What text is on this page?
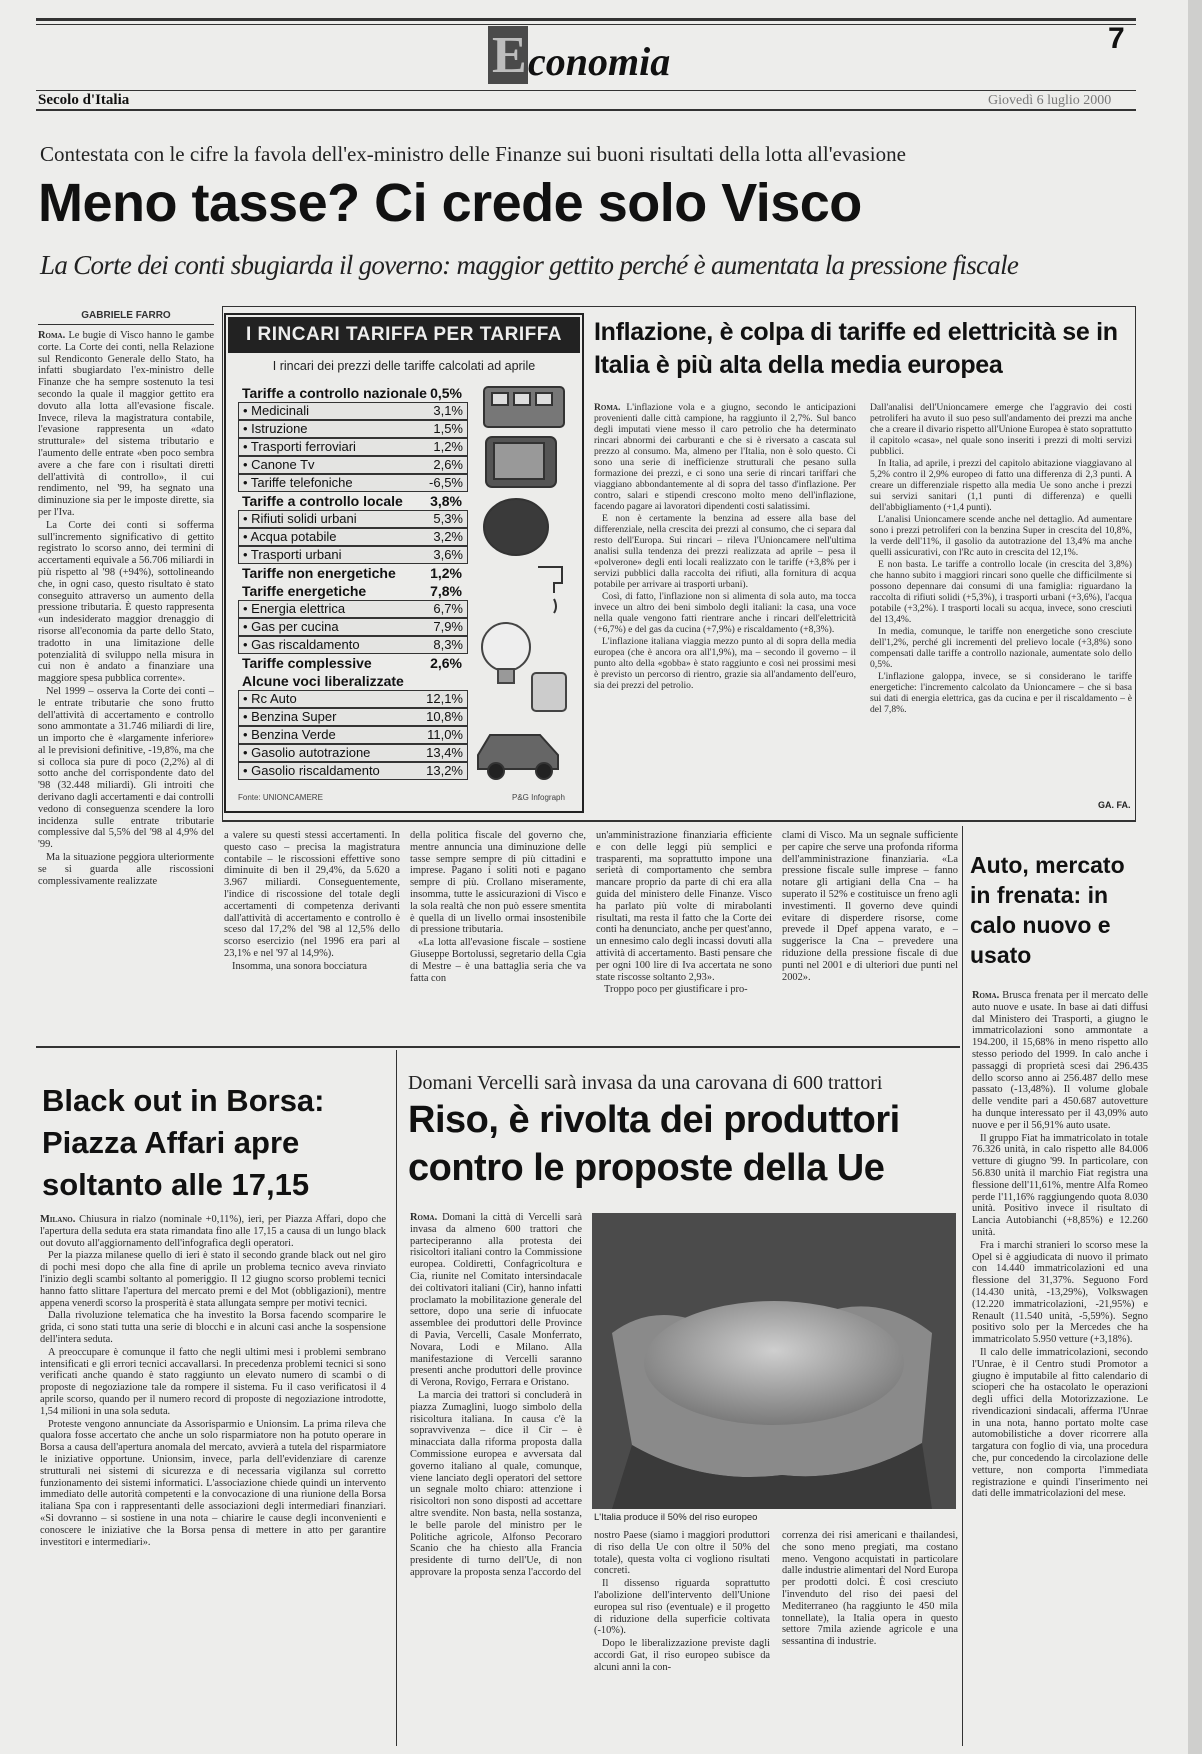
E conomia
7
Secolo d'Italia	Giovedì 6 luglio 2000
Contestata con le cifre la favola dell'ex-ministro delle Finanze sui buoni risultati della lotta all'evasione
Meno tasse? Ci crede solo Visco
La Corte dei conti sbugiarda il governo: maggior gettito perché è aumentata la pressione fiscale
GABRIELE FARRO

Roma. Le bugie di Visco hanno le gambe corte. La Corte dei conti, nella Relazione sul Rendiconto Generale dello Stato, ha infatti sbugiardato l'ex-ministro delle Finanze che ha sempre sostenuto la tesi secondo la quale il maggior gettito era dovuto alla lotta all'evasione fiscale. Invece, rileva la magistratura contabile, l'evasione rappresenta un «dato strutturale» del sistema tributario e l'aumento delle entrate «ben poco sembra avere a che fare con i risultati diretti dell'attività di controllo», il cui rendimento, nel '99, ha segnato una diminuzione sia per le imposte dirette, sia per l'Iva.

La Corte dei conti si sofferma sull'incremento significativo di gettito registrato lo scorso anno, dei termini di accertamenti equivale a 56.706 miliardi in più rispetto al '98 (+94%), sottolineando che, in ogni caso, questo risultato è stato conseguito attraverso un aumento della pressione tributaria. È questo rappresenta «un indesiderato maggior drenaggio di risorse all'economia da parte dello Stato, tradotto in una limitazione delle potenzialità di sviluppo nella misura in cui non è andato a finanziare una maggiore spesa pubblica corrente».

Nel 1999 – osserva la Corte dei conti – le entrate tributarie che sono frutto dell'attività di accertamento e controllo sono ammontate a 31.746 miliardi di lire, un importo che è «largamente inferiore» al le previsioni definitive, -19,8%, ma che si colloca sia pure di poco (2,2%) al di sotto anche del corrispondente dato del '98 (32.448 miliardi). Gli introiti che derivano dagli accertamenti e dai controlli vedono di conseguenza scendere la loro incidenza sulle entrate tributarie complessive dal 5,5% del '98 al 4,9% del '99.

Ma la situazione peggiora ulteriormente se si guarda alle riscossioni complessivamente realizzate

I RINCARI TARIFFA PER TARIFFA
I rincari dei prezzi delle tariffe calcolati ad aprile
Tariffe a controllo nazionale 0,5%
• Medicinali	3,1%
• Istruzione	1,5%
• Trasporti ferroviari	1,2%
• Canone Tv	2,6%
• Tariffe telefoniche	-6,5%
Tariffe a controllo locale 3,8%
• Rifiuti solidi urbani	5,3%
• Acqua potabile	3,2%
• Trasporti urbani	3,6%
Tariffe non energetiche 1,2%
Tariffe energetiche	7,8%
• Energia elettrica	6,7%
• Gas per cucina	7,9%
• Gas riscaldamento	8,3%
Tariffe complessive	2,6%
Alcune voci liberalizzate
• Rc Auto	12,1%
• Benzina Super	10,8%
• Benzina Verde	11,0%
• Gasolio autotrazione	13,4%
• Gasolio riscaldamento	13,2%
Fonte: UNIONCAMERE	P&G Infograph
Inflazione, è colpa di tariffe ed elettricità se in Italia è più alta della media europea

Roma. L'inflazione vola e a giugno, secondo le anticipazioni provenienti dalle città campione, ha raggiunto il 2,7%. Sul banco degli imputati viene messo il caro petrolio che ha determinato rincari abnormi dei carburanti e che si è riversato a cascata sul prezzo al consumo. Ma, almeno per l'Italia, non è solo questo. Ci sono una serie di inefficienze strutturali che pesano sulla formazione dei prezzi, e ci sono una serie di rincari tariffari che viaggiano abbondantemente al di sopra del tasso d'inflazione. Per contro, salari e stipendi crescono molto meno dell'inflazione, facendo pagare ai lavoratori dipendenti costi salatissimi.

E non è certamente la benzina ad essere alla base del differenziale, nella crescita dei prezzi al consumo, che ci separa dal resto dell'Europa. Sui rincari – rileva l'Unioncamere nell'ultima analisi sulla tendenza dei prezzi realizzata ad aprile – pesa il «polverone» degli enti locali realizzato con le tariffe (+3,8% per i servizi pubblici dalla raccolta dei rifiuti, alla fornitura di acqua potabile per arrivare ai trasporti urbani).

Così, di fatto, l'inflazione non si alimenta di sola auto, ma tocca invece un altro dei beni simbolo degli italiani: la casa, una voce nella quale vengono fatti rientrare anche i rincari dell'elettricità (+6,7%) e del gas da cucina (+7,9%) e riscaldamento (+8,3%).

L'inflazione italiana viaggia mezzo punto al di sopra della media europea (che è ancora ora all'1,9%), ma – secondo il governo – il punto alto della «gobba» è stato raggiunto e così nei prossimi mesi è previsto un percorso di rientro, grazie sia all'andamento dell'euro, sia dei prezzi del petrolio.

Dall'analisi dell'Unioncamere emerge che l'aggravio dei costi petroliferi ha avuto il suo peso sull'andamento dei prezzi ma anche che a creare il divario rispetto all'Unione Europea è stato soprattutto il capitolo «casa», nel quale sono inseriti i prezzi di molti servizi pubblici.

In Italia, ad aprile, i prezzi del capitolo abitazione viaggiavano al 5,2% contro il 2,9% europeo di fatto una differenza di 2,3 punti. A creare un differenziale rispetto alla media Ue sono anche i prezzi sui servizi sanitari (1,1 punti di differenza) e quelli dell'abbigliamento (+1,4 punti).

L'analisi Unioncamere scende anche nel dettaglio. Ad aumentare sono i prezzi petroliferi con la benzina Super in crescita del 10,8%, la verde dell'11%, il gasolio da autotrazione del 13,4% ma anche quelli assicurativi, con l'Rc auto in crescita del 12,1%.

E non basta. Le tariffe a controllo locale (in crescita del 3,8%) che hanno subito i maggiori rincari sono quelle che difficilmente si possono depennare dai consumi di una famiglia: riguardano la raccolta di rifiuti solidi (+5,3%), i trasporti urbani (+3,6%), l'acqua potabile (+3,2%). I trasporti locali su acqua, invece, sono cresciuti del 13,4%.

In media, comunque, le tariffe non energetiche sono cresciute dell'1,2%, perché gli incrementi del prelievo locale (+3,8%) sono compensati dalle tariffe a controllo nazionale, aumentate solo dello 0,5%.

L'inflazione galoppa, invece, se si considerano le tariffe energetiche: l'incremento calcolato da Unioncamere – che si basa sui dati di energia elettrica, gas da cucina e per il riscaldamento – è del 7,8%.

GA. FA.

a valere su questi stessi accertamenti. In questo caso – precisa la magistratura contabile – le riscossioni effettive sono diminuite di ben il 29,4%, da 5.620 a 3.967 miliardi. Conseguentemente, l'indice di riscossione del totale degli accertamenti di competenza derivanti dall'attività di accertamento e controllo è sceso dal 17,2% del '98 al 12,5% dello scorso esercizio (nel 1996 era pari al 23,1% e nel '97 al 14,9%).

Insomma, una sonora bocciatura

della politica fiscale del governo che, mentre annuncia una diminuzione delle tasse sempre sempre di più cittadini e imprese. Pagano i soliti noti e pagano sempre di più. Crollano miseramente, insomma, tutte le assicurazioni di Visco e la sola realtà che non può essere smentita è quella di un livello ormai insostenibile di pressione tributaria.

«La lotta all'evasione fiscale – sostiene Giuseppe Bortolussi, segretario della Cgia di Mestre – è una battaglia seria che va fatta con

un'amministrazione finanziaria efficiente e con delle leggi più semplici e trasparenti, ma soprattutto impone una serietà di comportamento che sembra mancare proprio da parte di chi era alla guida del ministero delle Finanze. Visco ha parlato più volte di mirabolanti risultati, ma resta il fatto che la Corte dei conti ha denunciato, anche per quest'anno, un ennesimo calo degli incassi dovuti alla attività di accertamento. Basti pensare che per ogni 100 lire di Iva accertata ne sono state riscosse soltanto 2,93».

Troppo poco per giustificare i pro-

clami di Visco. Ma un segnale sufficiente per capire che serve una profonda riforma dell'amministrazione finanziaria. «La pressione fiscale sulle imprese – fanno notare gli artigiani della Cna – ha superato il 52% e costituisce un freno agli investimenti. Il governo deve quindi evitare di disperdere risorse, come prevede il Dpef appena varato, e – suggerisce la Cna – prevedere una riduzione della pressione fiscale di due punti nel 2001 e di ulteriori due punti nel 2002».

Auto, mercato in frenata: in calo nuovo e usato

Roma. Brusca frenata per il mercato delle auto nuove e usate. In base ai dati diffusi dal Ministero dei Trasporti, a giugno le immatricolazioni sono ammontate a 194.200, il 15,68% in meno rispetto allo stesso periodo del 1999. In calo anche i passaggi di proprietà scesi dai 296.435 dello scorso anno ai 256.487 dello mese passato (-13,48%). Il volume globale delle vendite pari a 450.687 autovetture ha dunque interessato per il 43,09% auto nuove e per il 56,91% auto usate.

Il gruppo Fiat ha immatricolato in totale 76.326 unità, in calo rispetto alle 84.006 vetture di giugno '99. In particolare, con 56.830 unità il marchio Fiat registra una flessione dell'11,61%, mentre Alfa Romeo perde l'11,16% raggiungendo quota 8.030 unità. Positivo invece il risultato di Lancia Autobianchi (+8,85%) e 12.260 unità.

Fra i marchi stranieri lo scorso mese la Opel si è aggiudicata di nuovo il primato con 14.440 immatricolazioni ed una flessione del 31,37%. Seguono Ford (14.430 unità, -13,29%), Volkswagen (12.220 immatricolazioni, -21,95%) e Renault (11.540 unità, -5,59%). Segno positivo solo per la Mercedes che ha immatricolato 5.950 vetture (+3,18%).

Il calo delle immatricolazioni, secondo l'Unrae, è il Centro studi Promotor a giugno è imputabile al fitto calendario di scioperi che ha ostacolato le operazioni degli uffici della Motorizzazione. Le rivendicazioni sindacali, afferma l'Unrae in una nota, hanno portato molte case automobilistiche a dover ricorrere alla targatura con foglio di via, una procedura che, pur concedendo la circolazione delle vetture, non comporta l'immediata registrazione e quindi l'inserimento nei dati delle immatricolazioni del mese.

Black out in Borsa: Piazza Affari apre soltanto alle 17,15

Milano. Chiusura in rialzo (nominale +0,11%), ieri, per Piazza Affari, dopo che l'apertura della seduta era stata rimandata fino alle 17,15 a causa di un lungo black out dovuto all'aggiornamento dell'infografica degli operatori.

Per la piazza milanese quello di ieri è stato il secondo grande black out nel giro di pochi mesi dopo che alla fine di aprile un problema tecnico aveva rinviato l'inizio degli scambi soltanto al pomeriggio. Il 12 giugno scorso problemi tecnici hanno fatto slittare l'apertura del mercato premi e del Mot (obbligazioni), mentre appena venerdì scorso la prosperità è stata allungata sempre per motivi tecnici.

Dalla rivoluzione telematica che ha investito la Borsa facendo scomparire le grida, ci sono stati tutta una serie di blocchi e in alcuni casi anche la sospensione dell'intera seduta.

A preoccupare è comunque il fatto che negli ultimi mesi i problemi sembrano intensificati e gli errori tecnici accavallarsi. In precedenza problemi tecnici si sono verificati anche quando è stato raggiunto un elevato numero di scambi o di proposte di negoziazione tale da rompere il sistema. Fu il caso verificatosi il 4 aprile scorso, quando per il numero record di proposte di negoziazione introdotte, 1,54 milioni in una sola seduta.

Proteste vengono annunciate da Assorisparmio e Unionsim. La prima rileva che qualora fosse accertato che anche un solo risparmiatore non ha potuto operare in Borsa a causa dell'apertura anomala del mercato, avvierà a tutela del risparmiatore le iniziative opportune. Unionsim, invece, parla dell'evidenziare di carenze strutturali nei sistemi di sicurezza e di necessaria vigilanza sul corretto funzionamento dei sistemi informatici. L'associazione chiede quindi un intervento immediato delle autorità competenti e la convocazione di una riunione della Borsa italiana Spa con i rappresentanti delle associazioni degli intermediari finanziari. «Si dovranno – si sostiene in una nota – chiarire le cause degli inconvenienti e conoscere le iniziative che la Borsa pensa di mettere in atto per garantire investitori e intermediari».

Domani Vercelli sarà invasa da una carovana di 600 trattori
Riso, è rivolta dei produttori contro le proposte della Ue

Roma. Domani la città di Vercelli sarà invasa da almeno 600 trattori che parteciperanno alla protesta dei risicoltori italiani contro la Commissione europea. Coldiretti, Confagricoltura e Cia, riunite nel Comitato intersindacale dei coltivatori italiani (Cir), hanno infatti proclamato la mobilitazione generale del settore, dopo una serie di infuocate assemblee dei produttori delle Province di Pavia, Vercelli, Casale Monferrato, Novara, Lodi e Milano. Alla manifestazione di Vercelli saranno presenti anche produttori delle province di Verona, Rovigo, Ferrara e Oristano.

La marcia dei trattori si concluderà in piazza Zumaglini, luogo simbolo della risicoltura italiana. In causa c'è la sopravvivenza – dice il Cir – è minacciata dalla riforma proposta dalla Commissione europea e avversata dal governo italiano al quale, comunque, viene lanciato degli operatori del settore un segnale molto chiaro: attenzione i risicoltori non sono disposti ad accettare altre svendite. Non basta, nella sostanza, le belle parole del ministro per le Politiche agricole, Alfonso Pecoraro Scanio che ha chiesto alla Francia presidente di turno dell'Ue, di non approvare la proposta senza l'accordo del

L'Italia produce il 50% del riso europeo

nostro Paese (siamo i maggiori produttori di riso della Ue con oltre il 50% del totale), questa volta ci vogliono risultati concreti.

Il dissenso riguarda soprattutto l'abolizione dell'intervento dell'Unione europea sul riso (eventuale) e il progetto di riduzione della superficie coltivata (-10%).

Dopo le liberalizzazione previste dagli accordi Gat, il riso europeo subisce da alcuni anni la con-

correnza dei risi americani e thailandesi, che sono meno pregiati, ma costano meno. Vengono acquistati in particolare dalle industrie alimentari del Nord Europa per prodotti dolci. È così cresciuto l'invenduto del riso dei paesi del Mediterraneo (ha raggiunto le 450 mila tonnellate), la Italia opera in questo settore 7mila aziende agricole e una sessantina di industrie.
